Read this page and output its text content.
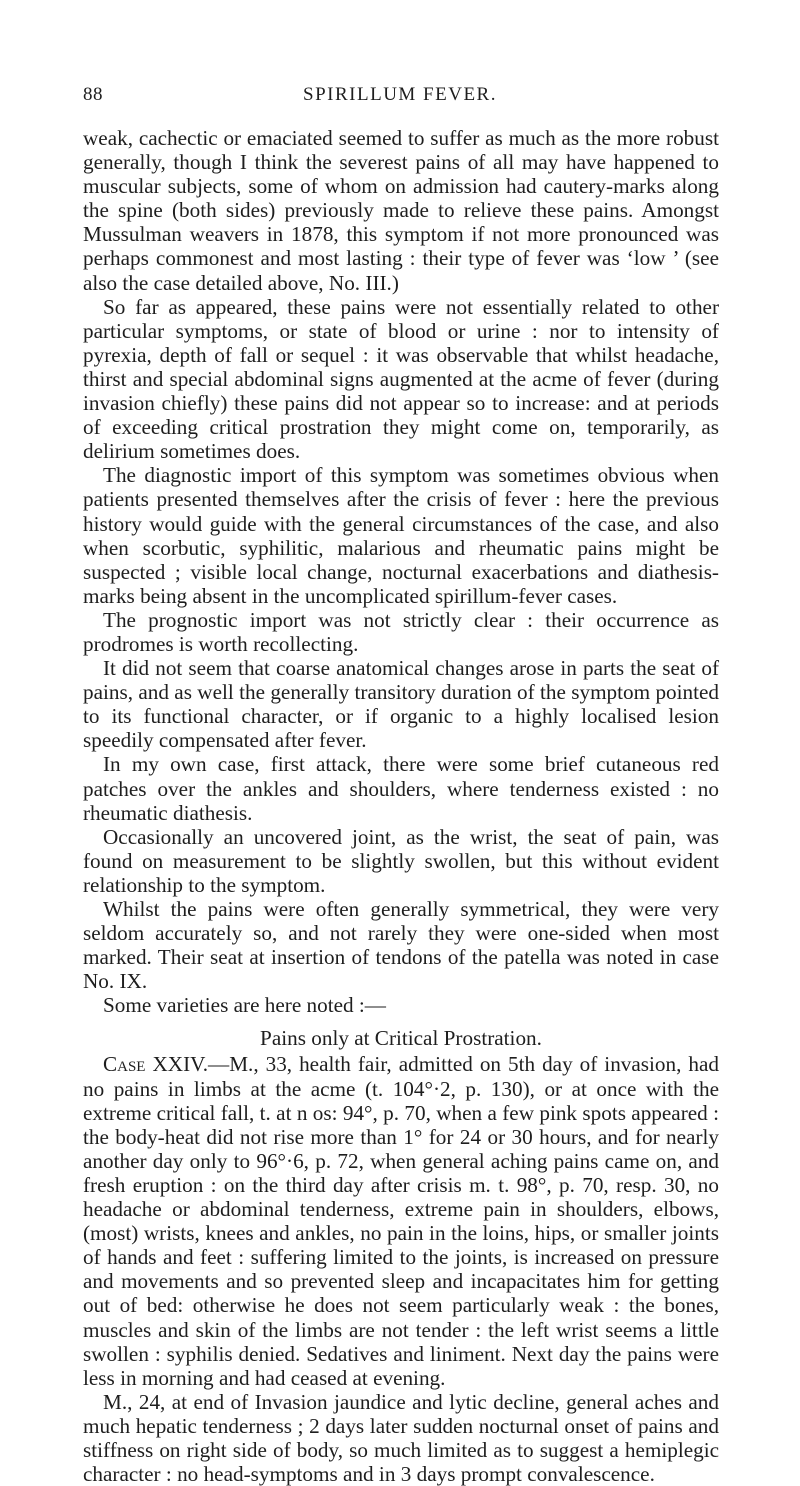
88	SPIRILLUM FEVER.

weak, cachectic or emaciated seemed to suffer as much as the more robust generally, though I think the severest pains of all may have happened to muscular subjects, some of whom on admission had cautery-marks along the spine (both sides) previously made to relieve these pains. Amongst Mussulman weavers in 1878, this symptom if not more pronounced was perhaps commonest and most lasting : their type of fever was ‘low ’ (see also the case detailed above, No. III.)

So far as appeared, these pains were not essentially related to other particular symptoms, or state of blood or urine : nor to intensity of pyrexia, depth of fall or sequel : it was observable that whilst headache, thirst and special abdominal signs augmented at the acme of fever (during invasion chiefly) these pains did not appear so to increase: and at periods of exceeding critical prostration they might come on, temporarily, as delirium sometimes does.

The diagnostic import of this symptom was sometimes obvious when patients presented themselves after the crisis of fever : here the previous history would guide with the general circumstances of the case, and also when scorbutic, syphilitic, malarious and rheumatic pains might be suspected ; visible local change, nocturnal exacerbations and diathesis-marks being absent in the uncomplicated spirillum-fever cases.

The prognostic import was not strictly clear : their occurrence as prodromes is worth recollecting.

It did not seem that coarse anatomical changes arose in parts the seat of pains, and as well the generally transitory duration of the symptom pointed to its functional character, or if organic to a highly localised lesion speedily compensated after fever.

In my own case, first attack, there were some brief cutaneous red patches over the ankles and shoulders, where tenderness existed : no rheumatic diathesis.

Occasionally an uncovered joint, as the wrist, the seat of pain, was found on measurement to be slightly swollen, but this without evident relationship to the symptom.

Whilst the pains were often generally symmetrical, they were very seldom accurately so, and not rarely they were one-sided when most marked. Their seat at insertion of tendons of the patella was noted in case No. IX.

Some varieties are here noted :—

Pains only at Critical Prostration.

Case XXIV.—M., 33, health fair, admitted on 5th day of invasion, had no pains in limbs at the acme (t. 104°·2, p. 130), or at once with the extreme critical fall, t. at n os: 94°, p. 70, when a few pink spots appeared : the body-heat did not rise more than 1° for 24 or 30 hours, and for nearly another day only to 96°·6, p. 72, when general aching pains came on, and fresh eruption : on the third day after crisis m. t. 98°, p. 70, resp. 30, no headache or abdominal tenderness, extreme pain in shoulders, elbows, (most) wrists, knees and ankles, no pain in the loins, hips, or smaller joints of hands and feet : suffering limited to the joints, is increased on pressure and movements and so prevented sleep and incapacitates him for getting out of bed: otherwise he does not seem particularly weak : the bones, muscles and skin of the limbs are not tender : the left wrist seems a little swollen : syphilis denied. Sedatives and liniment. Next day the pains were less in morning and had ceased at evening.

M., 24, at end of Invasion jaundice and lytic decline, general aches and much hepatic tenderness ; 2 days later sudden nocturnal onset of pains and stiffness on right side of body, so much limited as to suggest a hemiplegic character : no head-symptoms and in 3 days prompt convalescence.
